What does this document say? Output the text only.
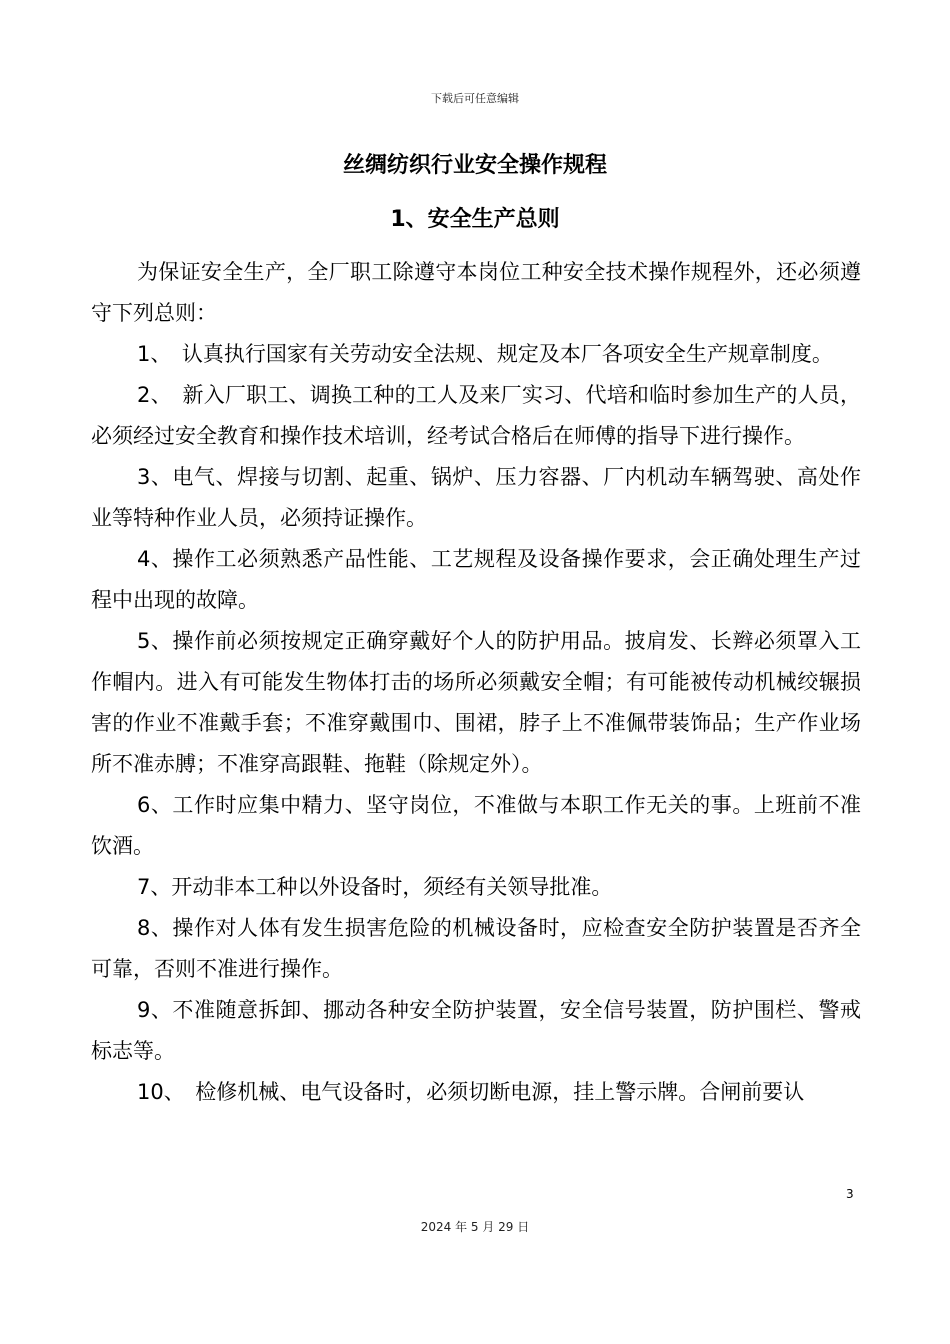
下载后可任意编辑
丝绸纺织行业安全操作规程
1、安全生产总则

为保证安全生产，全厂职工除遵守本岗位工种安全技术操作规程外，还必须遵守下列总则：

1、　认真执行国家有关劳动安全法规、规定及本厂各项安全生产规章制度。

2、　新入厂职工、调换工种的工人及来厂实习、代培和临时参加生产的人员，必须经过安全教育和操作技术培训，经考试合格后在师傅的指导下进行操作。

3、电气、焊接与切割、起重、锅炉、压力容器、厂内机动车辆驾驶、高处作业等特种作业人员，必须持证操作。

4、操作工必须熟悉产品性能、工艺规程及设备操作要求，会正确处理生产过程中出现的故障。

5、操作前必须按规定正确穿戴好个人的防护用品。披肩发、长辫必须罩入工作帽内。进入有可能发生物体打击的场所必须戴安全帽；有可能被传动机械绞辗损害的作业不准戴手套；不准穿戴围巾、围裙，脖子上不准佩带装饰品；生产作业场所不准赤膊；不准穿高跟鞋、拖鞋（除规定外）。

6、工作时应集中精力、坚守岗位，不准做与本职工作无关的事。上班前不准饮酒。

7、开动非本工种以外设备时，须经有关领导批准。

8、操作对人体有发生损害危险的机械设备时，应检查安全防护装置是否齐全可靠，否则不准进行操作。

9、不准随意拆卸、挪动各种安全防护装置，安全信号装置，防护围栏、警戒标志等。

10、　检修机械、电气设备时，必须切断电源，挂上警示牌。合闸前要认

3
2024 年 5 月 29 日
